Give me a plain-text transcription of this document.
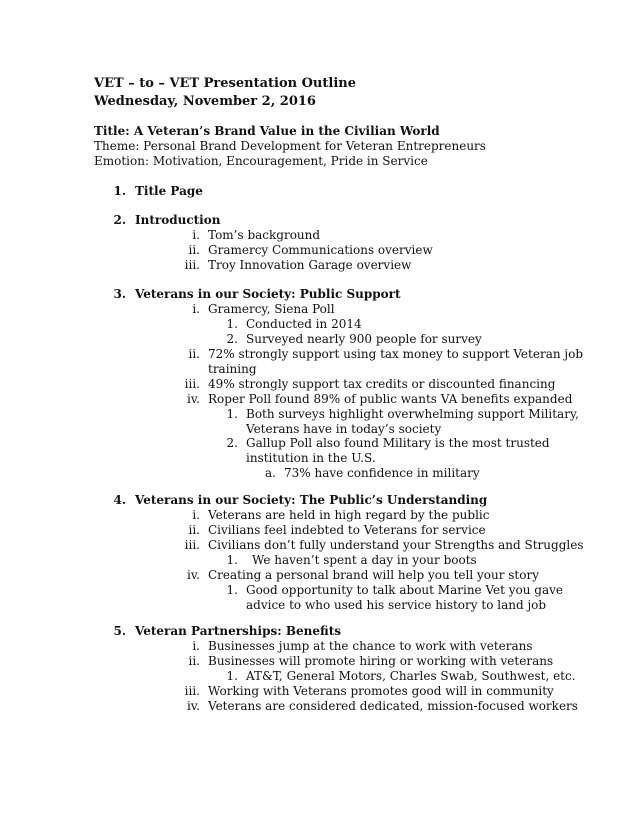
VET – to – VET Presentation Outline
Wednesday, November 2, 2016
Title: A Veteran’s Brand Value in the Civilian World
Theme: Personal Brand Development for Veteran Entrepreneurs
Emotion: Motivation, Encouragement, Pride in Service
1. Title Page
2. Introduction
i. Tom’s background
ii. Gramercy Communications overview
iii. Troy Innovation Garage overview
3. Veterans in our Society: Public Support
i. Gramercy, Siena Poll
1. Conducted in 2014
2. Surveyed nearly 900 people for survey
ii. 72% strongly support using tax money to support Veteran job
training
iii. 49% strongly support tax credits or discounted financing
iv. Roper Poll found 89% of public wants VA benefits expanded
1. Both surveys highlight overwhelming support Military,
Veterans have in today’s society
2. Gallup Poll also found Military is the most trusted
institution in the U.S.
a. 73% have confidence in military
4. Veterans in our Society: The Public’s Understanding
i. Veterans are held in high regard by the public
ii. Civilians feel indebted to Veterans for service
iii. Civilians don’t fully understand your Strengths and Struggles
1. We haven’t spent a day in your boots
iv. Creating a personal brand will help you tell your story
1. Good opportunity to talk about Marine Vet you gave
advice to who used his service history to land job
5. Veteran Partnerships: Benefits
i. Businesses jump at the chance to work with veterans
ii. Businesses will promote hiring or working with veterans
1. AT&T, General Motors, Charles Swab, Southwest, etc.
iii. Working with Veterans promotes good will in community
iv. Veterans are considered dedicated, mission-focused workers
